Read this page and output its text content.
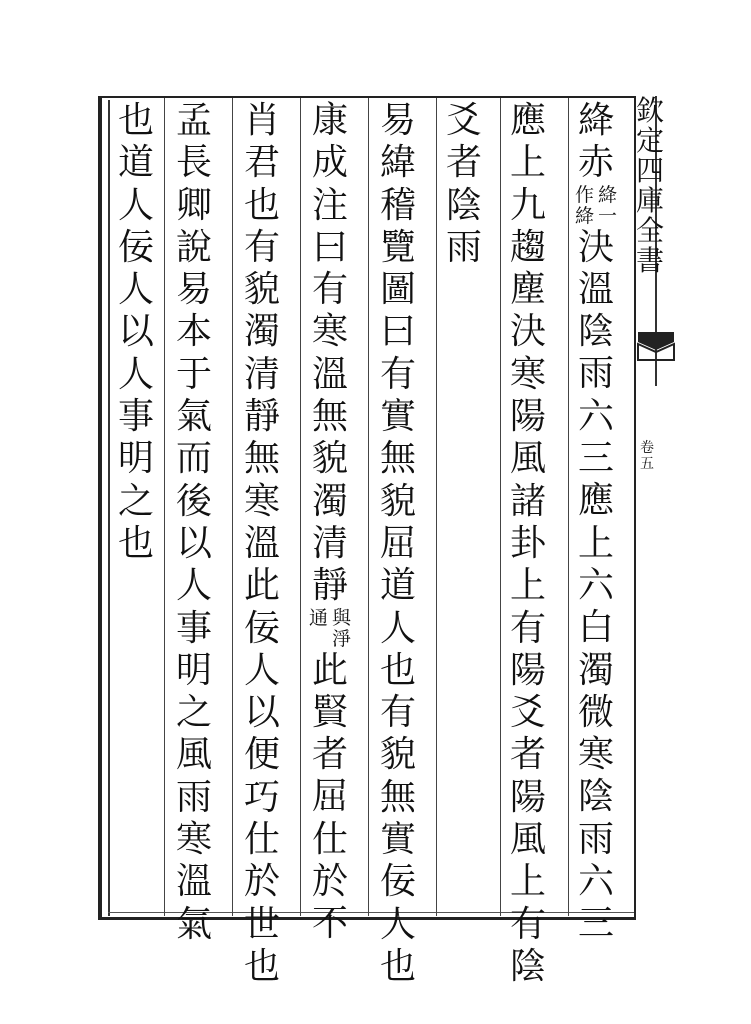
欽
定
四
庫
全
書
卷
五
絳
赤
絳
一
作
絳
決
溫
陰
雨
六
三
應
上
六
白
濁
微
寒
陰
雨
六
三
應
上
九
趨
塵
決
寒
陽
風
諸
卦
上
有
陽
爻
者
陽
風
上
有
陰
爻
者
陰
雨
易
緯
稽
覽
圖
曰
有
實
無
貌
屈
道
人
也
有
貌
無
實
佞
人
也
康
成
注
曰
有
寒
溫
無
貌
濁
清
靜
與
淨
通
此
賢
者
屈
仕
於
不
肖
君
也
有
貌
濁
清
靜
無
寒
溫
此
佞
人
以
便
巧
仕
於
世
也
孟
長
卿
說
易
本
于
氣
而
後
以
人
事
明
之
風
雨
寒
溫
氣
也
道
人
佞
人
以
人
事
明
之
也
